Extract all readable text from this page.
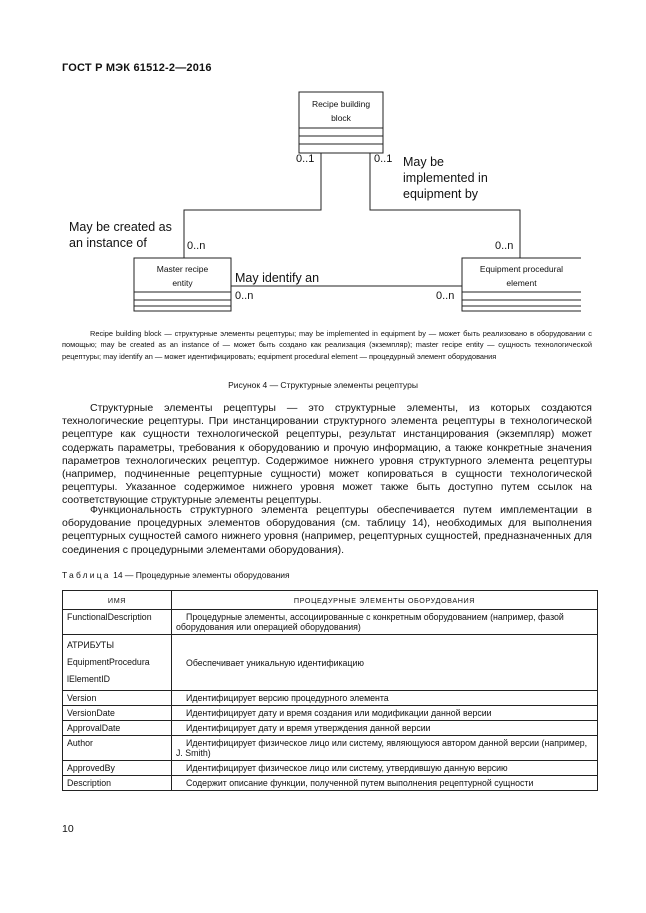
ГОСТ Р МЭК 61512-2—2016
Recipe building
block
Master recipe
entity
Equipment procedural
element
0..1	0..1
0..n	0..n
0..n	0..n
May be
implemented in
equipment by
May be created as
an instance of
May identify an

Recipe building block — структурные элементы рецептуры; may be implemented in equipment by — может быть реализовано в оборудовании с помощью; may be created as an instance of — может быть создано как реализация (экземпляр); master recipe entity — сущность технологической рецептуры; may identify an — может идентифицировать; equipment procedural element — процедурный элемент оборудования

Рисунок 4 — Структурные элементы рецептуры

Структурные элементы рецептуры — это структурные элементы, из которых создаются технологические рецептуры. При инстанцировании структурного элемента рецептуры в технологической рецептуре как сущности технологической рецептуры, результат инстанцирования (экземпляр) может содержать параметры, требования к оборудованию и прочую информацию, а также конкретные значения параметров технологических рецептур. Содержимое нижнего уровня структурного элемента рецептуры (например, подчиненные рецептурные сущности) может копироваться в сущности технологической рецептуры. Указанное содержимое нижнего уровня может также быть доступно путем ссылок на соответствующие структурные элементы рецептуры.

Функциональность структурного элемента рецептуры обеспечивается путем имплементации в оборудование процедурных элементов оборудования (см. таблицу 14), необходимых для выполнения рецептурных сущностей самого нижнего уровня (например, рецептурных сущностей, предназначенных для соединения с процедурными элементами оборудования).

Таблица 14 — Процедурные элементы оборудования
ИМЯ	ПРОЦЕДУРНЫЕ ЭЛЕМЕНТЫ ОБОРУДОВАНИЯ
FunctionalDescription	Процедурные элементы, ассоциированные с конкретным оборудованием (например, фазой оборудования или операцией оборудования)

АТРИБУТЫ
EquipmentProcedura
lElementID	Обеспечивает уникальную идентификацию
Version	Идентифицирует версию процедурного элемента
VersionDate	Идентифицирует дату и время создания или модификации данной версии
ApprovalDate	Идентифицирует дату и время утверждения данной версии
Author	Идентифицирует физическое лицо или систему, являющуюся автором данной версии (например, J. Smith)
ApprovedBy	Идентифицирует физическое лицо или систему, утвердившую данную версию
Description	Содержит описание функции, полученной путем выполнения рецептурной сущности
10
